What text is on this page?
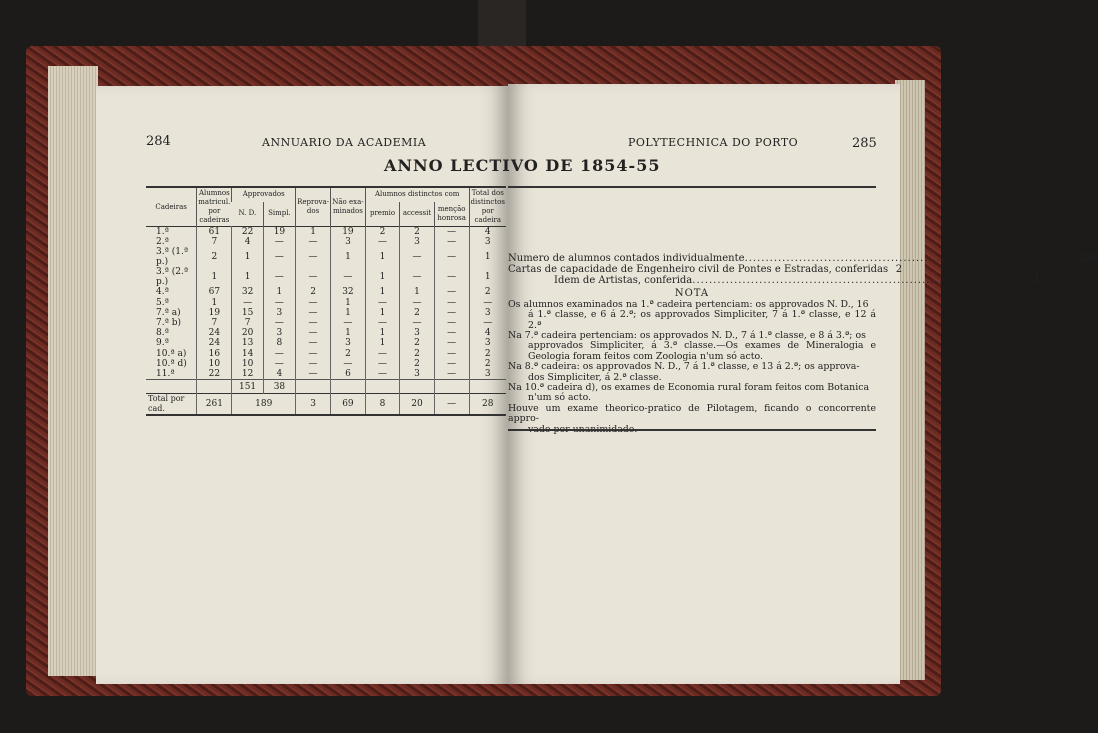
284	ANNUARIO DA ACADEMIA	POLYTECHNICA DO PORTO	285
ANNO LECTIVO DE 1854-55
Cadeiras	Alumnos matricul. por cadeiras	Approvados		Reprova-dos	Não exa-minados	Alumnos distinctos com			Total dos distinctos por cadeira
		N. D.	Simpl.			premio	accessit	menção honrosa	
1.ª	61	22	19	1	19	2	2	—	4
2.ª	7	4	—	—	3	—	3	—	3
3.ª (1.ª p.)	2	1	—	—	1	1	—	—	1
3.ª (2.ª p.)	1	1	—	—	—	1	—	—	1
4.ª	67	32	1	2	32	1	1	—	2
5.ª	1	—	—	—	1	—	—	—	—
7.ª a)	19	15	3	—	1	1	2	—	3
7.ª b)	7	7	—	—	—	—	—	—	—
8.ª	24	20	3	—	1	1	3	—	4
9.ª	24	13	8	—	3	1	2	—	3
10.ª a)	16	14	—	—	2	—	2	—	2
10.ª d)	10	10	—	—	—	—	2	—	2
11.ª	22	12	4	—	6	—	3	—	3
		151	38						
Total por cad.	261	189		3	69	8	20	—	28
Numero de alumnos contados individualmente ................................................................................ 133
Cartas de capacidade de Engenheiro civil de Pontes e Estradas, conferidas 2
Idem de Artistas, conferida ................................................................................ 1
NOTA
Os alumnos examinados na 1.ª cadeira pertenciam: os approvados N. D., 16
á 1.ª classe, e 6 á 2.ª; os approvados Simpliciter, 7 á 1.ª classe, e 12 á 2.ª
Na 7.ª cadeira pertenciam: os approvados N. D., 7 á 1.ª classe, e 8 á 3.ª; os
approvados Simpliciter, á 3.ª classe.—Os exames de Mineralogia e Geologia foram feitos com Zoologia n'um só acto.
Na 8.ª cadeira: os approvados N. D., 7 á 1.ª classe, e 13 á 2.ª; os approva-
dos Simpliciter, á 2.ª classe.
Na 10.ª cadeira d), os exames de Economia rural foram feitos com Botanica
n'um só acto.
Houve um exame theorico-pratico de Pilotagem, ficando o concorrente appro-
vado por unanimidade.
